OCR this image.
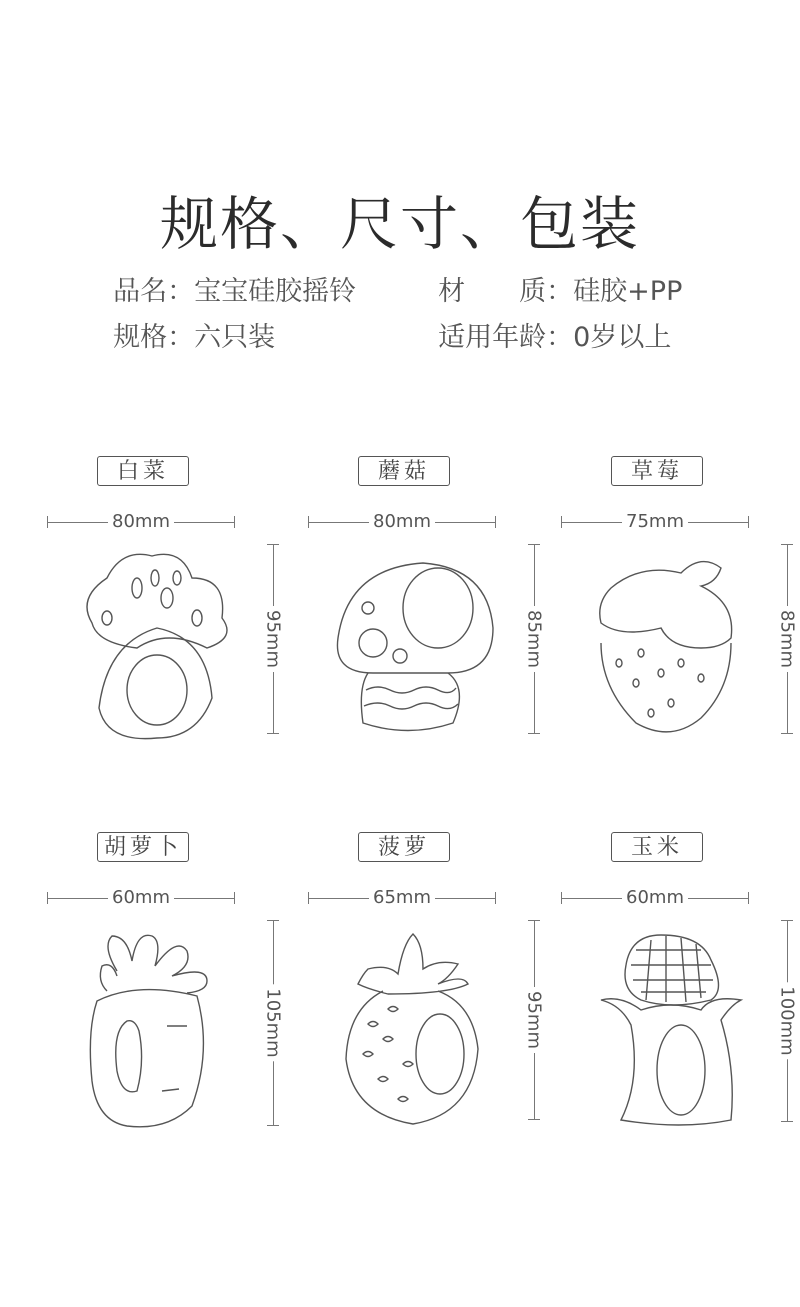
规格、尺寸、包装

品名：宝宝硅胶摇铃	材　　质：硅胶+PP

规格：六只装	适用年龄：0岁以上

白菜
80mm
95mm
蘑菇
80mm
85mm
草莓
75mm
85mm
胡萝卜
60mm
105mm
菠萝
65mm
95mm
玉米
60mm
100mm
